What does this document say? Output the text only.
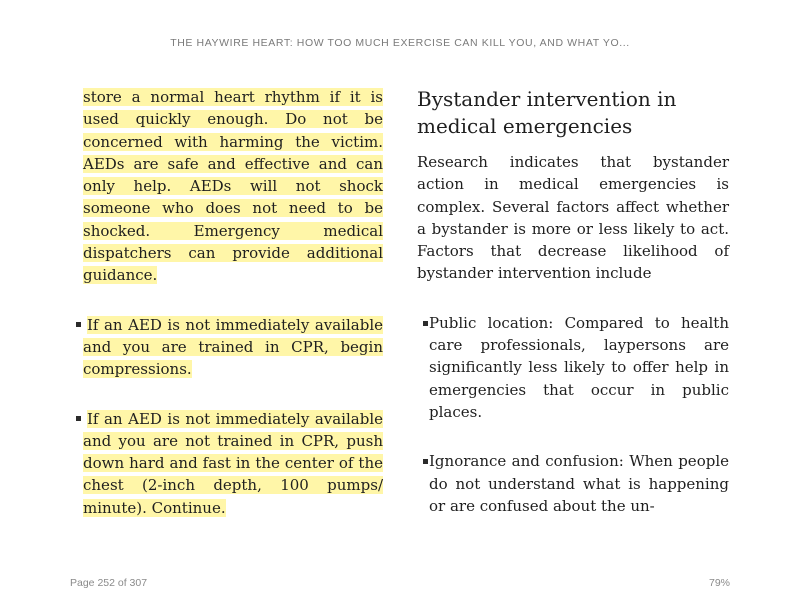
THE HAYWIRE HEART: HOW TOO MUCH EXERCISE CAN KILL YOU, AND WHAT YO...

store a normal heart rhythm if it is used quickly enough. Do not be concerned with harming the victim. AEDs are safe and effective and can only help. AEDs will not shock someone who does not need to be shocked. Emergency medical dispatchers can provide additional guidance.

If an AED is not immediately available and you are trained in CPR, begin compressions.

If an AED is not immediately available and you are not trained in CPR, push down hard and fast in the center of the chest (2-inch depth, 100 pumps/ minute). Continue.

Bystander intervention in medical emergencies

Research indicates that bystander action in medical emergencies is complex. Several factors affect whether a bystander is more or less likely to act. Factors that decrease likelihood of bystander intervention include

Public location: Compared to health care professionals, laypersons are significantly less likely to offer help in emergencies that occur in public places.

Ignorance and confusion: When people do not understand what is happening or are confused about the un-

Page 252 of 307	79%
